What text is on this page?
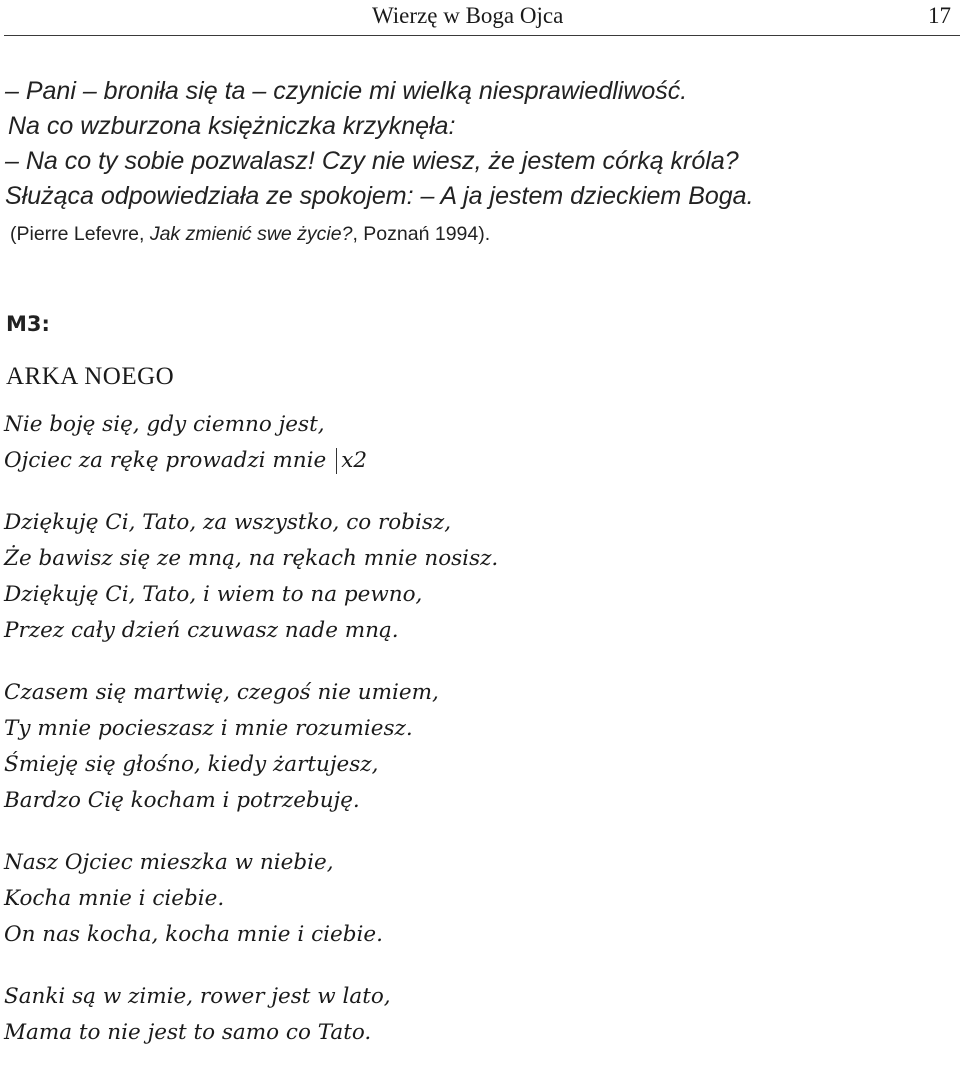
Wierzę w Boga Ojca	17
– Pani – broniła się ta – czynicie mi wielką niesprawiedliwość.
Na co wzburzona księżniczka krzyknęła:
– Na co ty sobie pozwalasz! Czy nie wiesz, że jestem córką króla?
Służąca odpowiedziała ze spokojem: – A ja jestem dzieckiem Boga.
(Pierre Lefevre, Jak zmienić swe życie?, Poznań 1994).
M3:
ARKA NOEGO
Nie boję się, gdy ciemno jest,
Ojciec za rękę prowadzi mnie x2
Dziękuję Ci, Tato, za wszystko, co robisz,
Że bawisz się ze mną, na rękach mnie nosisz.
Dziękuję Ci, Tato, i wiem to na pewno,
Przez cały dzień czuwasz nade mną.
Czasem się martwię, czegoś nie umiem,
Ty mnie pocieszasz i mnie rozumiesz.
Śmieję się głośno, kiedy żartujesz,
Bardzo Cię kocham i potrzebuję.
Nasz Ojciec mieszka w niebie,
Kocha mnie i ciebie.
On nas kocha, kocha mnie i ciebie.
Sanki są w zimie, rower jest w lato,
Mama to nie jest to samo co Tato.
